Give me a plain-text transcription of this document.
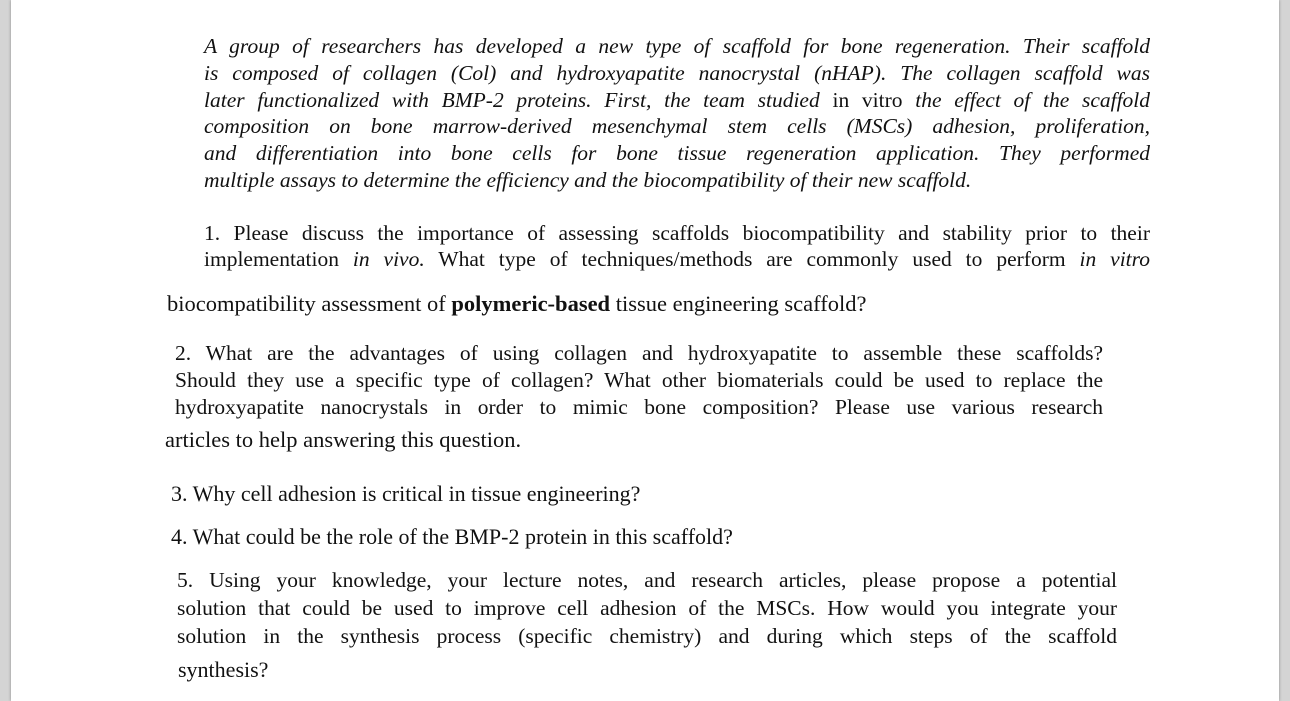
A group of researchers has developed a new type of scaffold for bone regeneration. Their scaffold
is composed of collagen (Col) and hydroxyapatite nanocrystal (nHAP). The collagen scaffold was
later functionalized with BMP-2 proteins. First, the team studied in vitro the effect of the scaffold
composition on bone marrow-derived mesenchymal stem cells (MSCs) adhesion, proliferation,
and differentiation into bone cells for bone tissue regeneration application. They performed
multiple assays to determine the efficiency and the biocompatibility of their new scaffold.
1. Please discuss the importance of assessing scaffolds biocompatibility and stability prior to their
implementation in vivo. What type of techniques/methods are commonly used to perform in vitro
biocompatibility assessment of polymeric-based tissue engineering scaffold?
2. What are the advantages of using collagen and hydroxyapatite to assemble these scaffolds?
Should they use a specific type of collagen? What other biomaterials could be used to replace the
hydroxyapatite nanocrystals in order to mimic bone composition? Please use various research
articles to help answering this question.
3. Why cell adhesion is critical in tissue engineering?
4. What could be the role of the BMP-2 protein in this scaffold?
5. Using your knowledge, your lecture notes, and research articles, please propose a potential
solution that could be used to improve cell adhesion of the MSCs. How would you integrate your
solution in the synthesis process (specific chemistry) and during which steps of the scaffold
synthesis?
